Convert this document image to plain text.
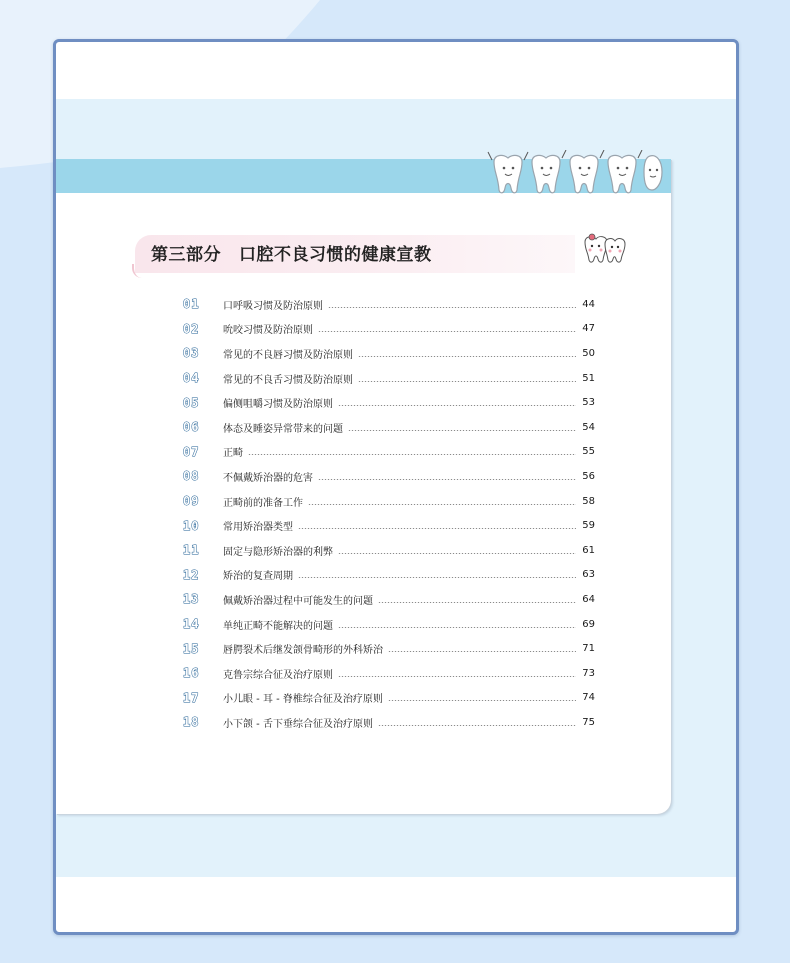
第三部分 口腔不良习惯的健康宣教
01	口呼吸习惯及防治原则	44
02	吮咬习惯及防治原则	47
03	常见的不良唇习惯及防治原则	50
04	常见的不良舌习惯及防治原则	51
05	偏侧咀嚼习惯及防治原则	53
06	体态及睡姿异常带来的问题	54
07	正畸	55
08	不佩戴矫治器的危害	56
09	正畸前的准备工作	58
10	常用矫治器类型	59
11	固定与隐形矫治器的利弊	61
12	矫治的复查周期	63
13	佩戴矫治器过程中可能发生的问题	64
14	单纯正畸不能解决的问题	69
15	唇腭裂术后继发颌骨畸形的外科矫治	71
16	克鲁宗综合征及治疗原则	73
17	小儿眼 - 耳 - 脊椎综合征及治疗原则	74
18	小下颌 - 舌下垂综合征及治疗原则	75
